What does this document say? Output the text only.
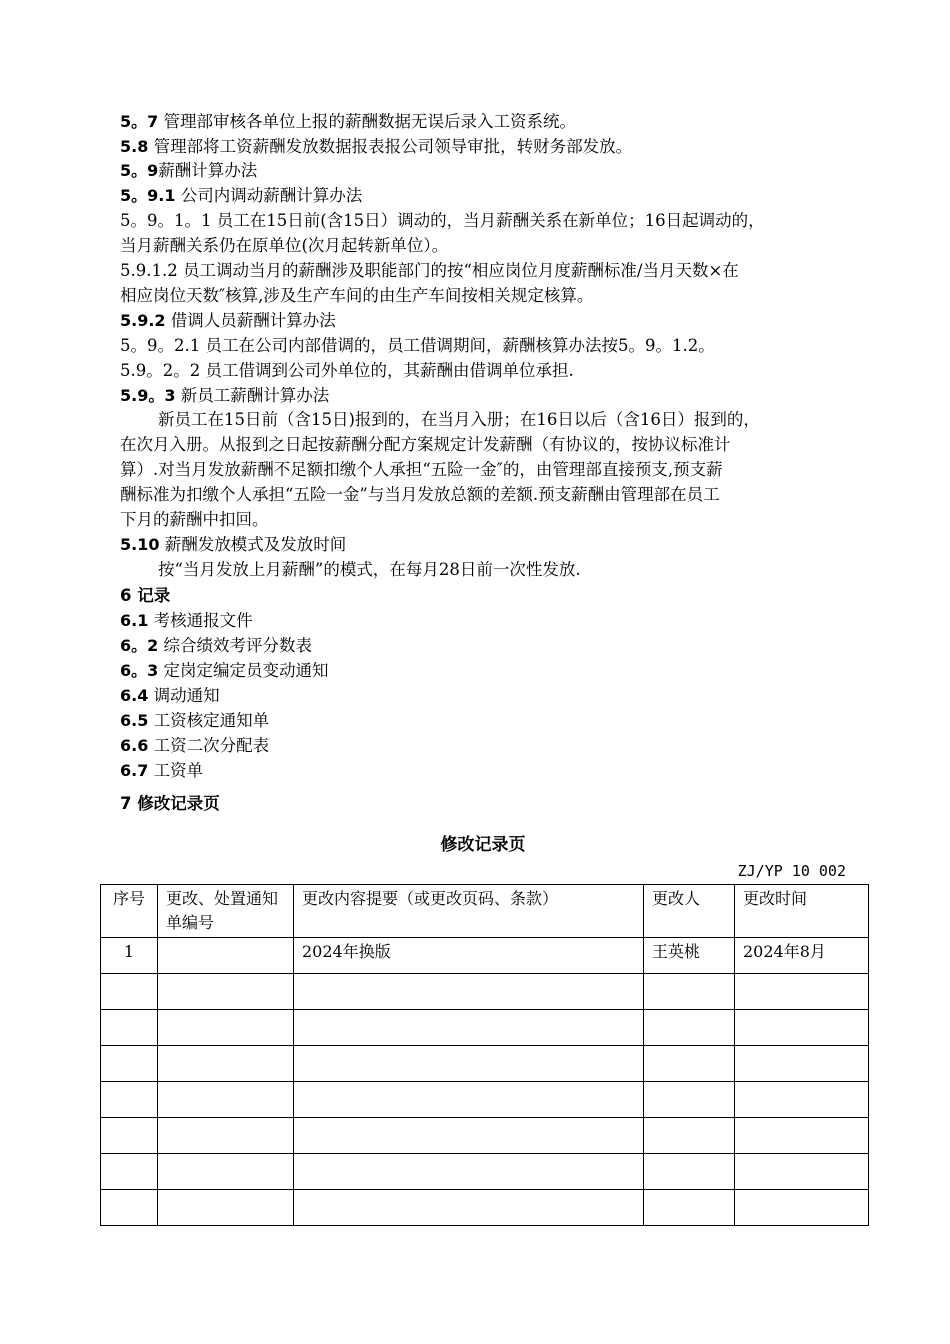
5。7 管理部审核各单位上报的薪酬数据无误后录入工资系统。
5.8 管理部将工资薪酬发放数据报表报公司领导审批，转财务部发放。
5。9薪酬计算办法
5。9.1 公司内调动薪酬计算办法
5。9。1。1 员工在15日前(含15日）调动的，当月薪酬关系在新单位；16日起调动的，
当月薪酬关系仍在原单位(次月起转新单位）。
5.9.1.2 员工调动当月的薪酬涉及职能部门的按“相应岗位月度薪酬标准/当月天数×在
相应岗位天数″核算,涉及生产车间的由生产车间按相关规定核算。
5.9.2 借调人员薪酬计算办法
5。9。2.1 员工在公司内部借调的，员工借调期间，薪酬核算办法按5。9。1.2。
5.9。2。2 员工借调到公司外单位的，其薪酬由借调单位承担.
5.9。3 新员工薪酬计算办法
新员工在15日前（含15日)报到的，在当月入册；在16日以后（含16日）报到的，
在次月入册。从报到之日起按薪酬分配方案规定计发薪酬（有协议的，按协议标准计
算）.对当月发放薪酬不足额扣缴个人承担“五险一金″的，由管理部直接预支,预支薪
酬标准为扣缴个人承担“五险一金”与当月发放总额的差额.预支薪酬由管理部在员工
下月的薪酬中扣回。
5.10 薪酬发放模式及发放时间
按“当月发放上月薪酬”的模式，在每月28日前一次性发放.
6 记录
6.1 考核通报文件
6。2 综合绩效考评分数表
6。3 定岗定编定员变动通知
6.4 调动通知
6.5 工资核定通知单
6.6 工资二次分配表
6.7 工资单
7 修改记录页
修改记录页
ZJ/YP 10 002
序号	更改、处置通知单编号	更改内容提要（或更改页码、条款）	更改人	更改时间
1		2024年换版	王英桃	2024年8月
